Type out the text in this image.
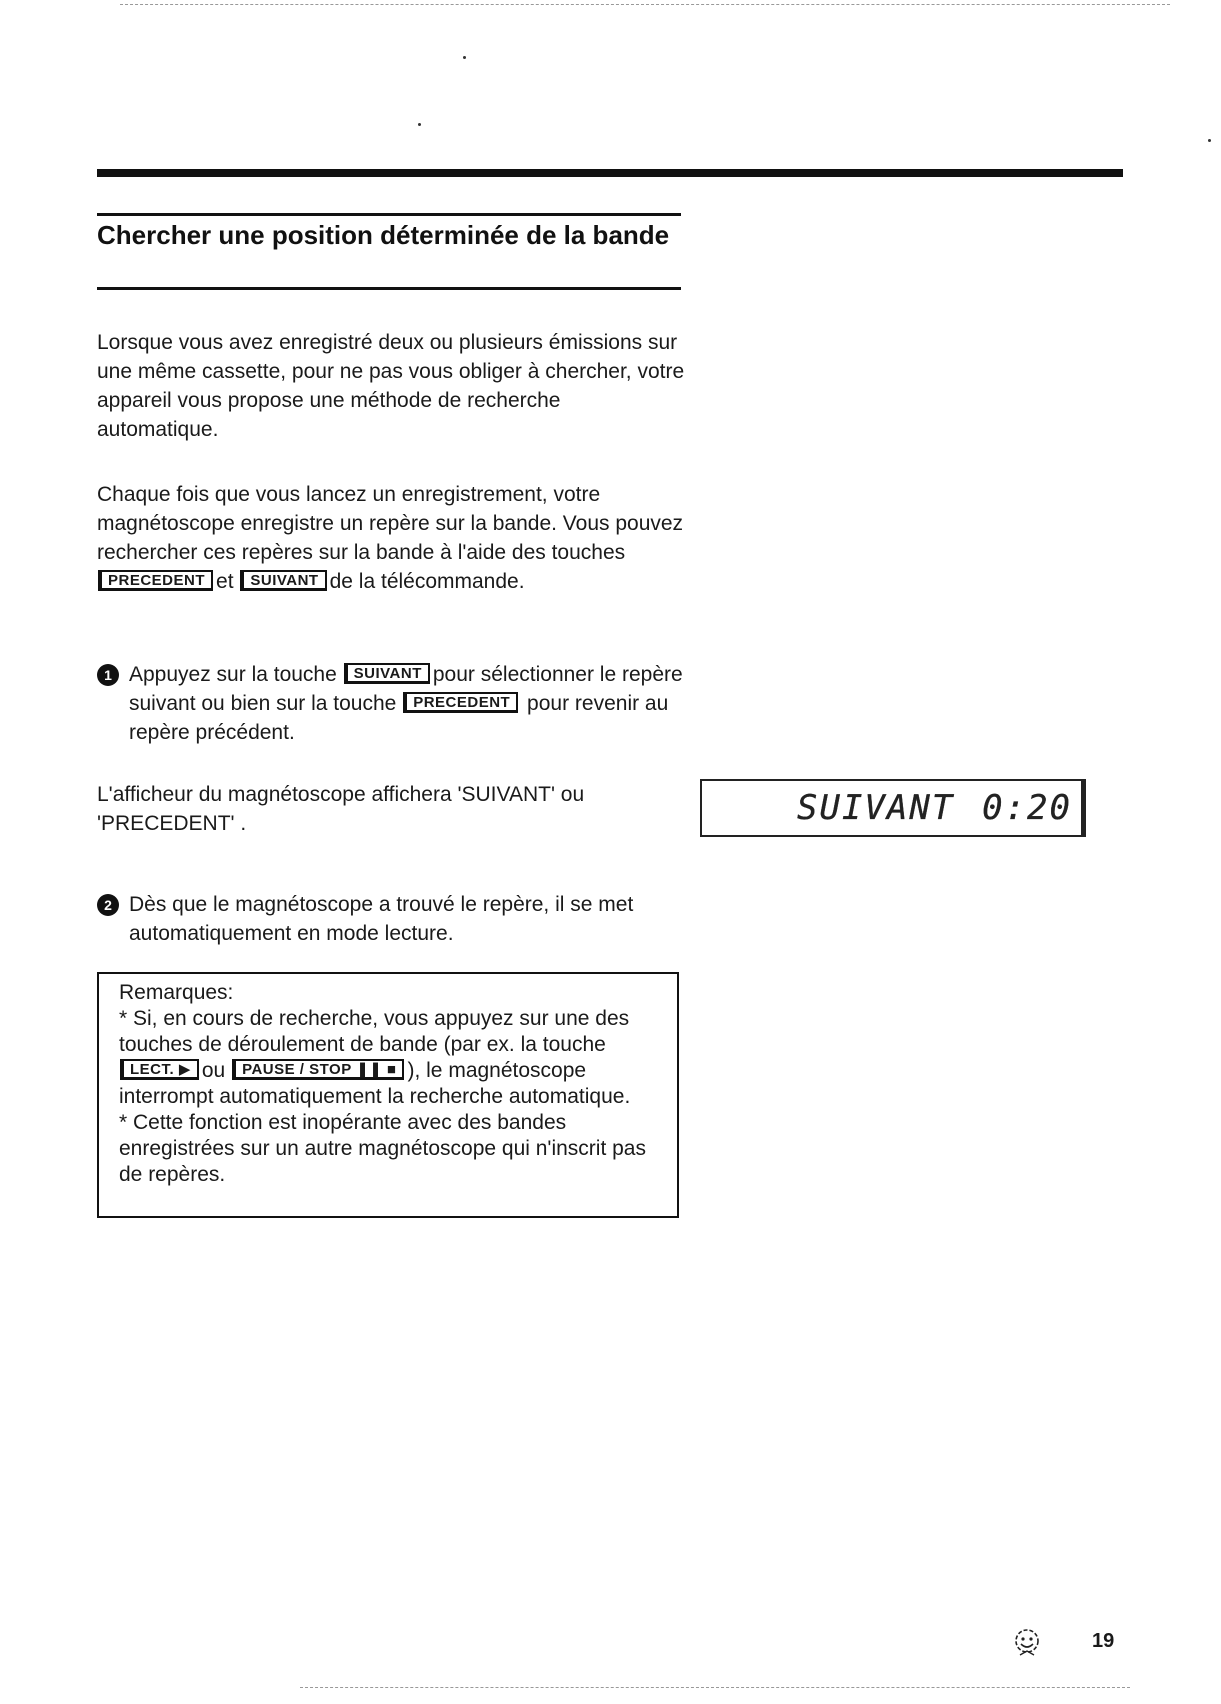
Chercher une position déterminée de la bande

Lorsque vous avez enregistré deux ou plusieurs émissions sur une même cassette, pour ne pas vous obliger à chercher, votre appareil vous propose une méthode de recherche automatique.

Chaque fois que vous lancez un enregistrement, votre magnétoscope enregistre un repère sur la bande. Vous pouvez rechercher ces repères sur la bande à l'aide des touches PRECEDENT et SUIVANT de la télécommande.

1 Appuyez sur la touche SUIVANT pour sélectionner le repère suivant ou bien sur la touche PRECEDENT pour revenir au repère précédent.

L'afficheur du magnétoscope affichera 'SUIVANT' ou 'PRECEDENT' .	SUIVANT 0:20
2 Dès que le magnétoscope a trouvé le repère, il se met automatiquement en mode lecture.

Remarques:

* Si, en cours de recherche, vous appuyez sur une des touches de déroulement de bande (par ex. la touche LECT. ▶ ou PAUSE / STOP ❚❚ ■ ), le magnétoscope interrompt automatiquement la recherche automatique.

* Cette fonction est inopérante avec des bandes enregistrées sur un autre magnétoscope qui n'inscrit pas de repères.

19
